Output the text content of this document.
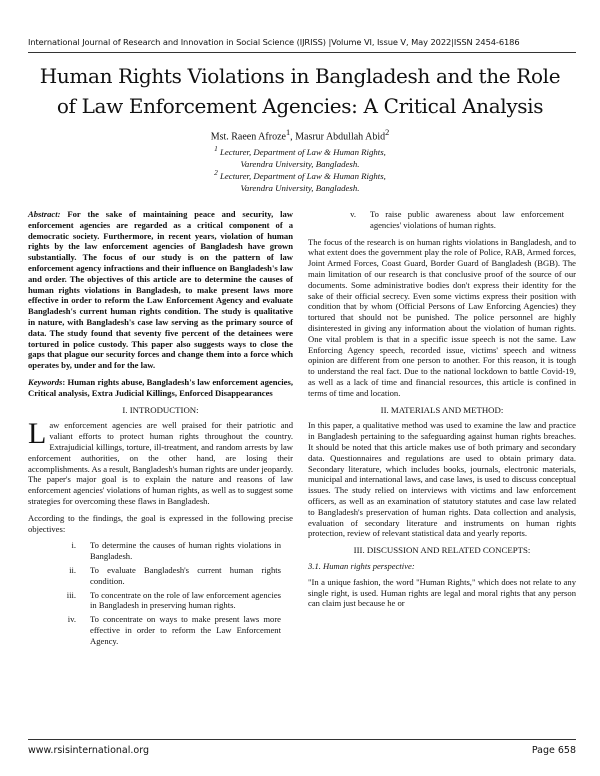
International Journal of Research and Innovation in Social Science (IJRISS) |Volume VI, Issue V, May 2022|ISSN 2454-6186
Human Rights Violations in Bangladesh and the Role
of Law Enforcement Agencies: A Critical Analysis
Mst. Raeen Afroze$^1$, Masrur Abdullah Abid$^2$
$^1$ Lecturer, Department of Law & Human Rights,
Varendra University, Bangladesh.
$^2$ Lecturer, Department of Law & Human Rights,
Varendra University, Bangladesh.

Abstract: For the sake of maintaining peace and security, law enforcement agencies are regarded as a critical component of a democratic society. Furthermore, in recent years, violation of human rights by the law enforcement agencies of Bangladesh have grown substantially. The focus of our study is on the pattern of law enforcement agency infractions and their influence on Bangladesh's law and order. The objectives of this article are to determine the causes of human rights violations in Bangladesh, to make present laws more effective in order to reform the Law Enforcement Agency and evaluate Bangladesh's current human rights condition. The study is qualitative in nature, with Bangladesh's case law serving as the primary source of data. The study found that seventy five percent of the detainees were tortured in police custody. This paper also suggests ways to close the gaps that plague our security forces and change them into a force which operates by, under and for the law.

Keywords: Human rights abuse, Bangladesh's law enforcement agencies, Critical analysis, Extra Judicial Killings, Enforced Disappearances

I. INTRODUCTION:

Law enforcement agencies are well praised for their patriotic and valiant efforts to protect human rights throughout the country. Extrajudicial killings, torture, ill-treatment, and random arrests by law enforcement authorities, on the other hand, are losing their accomplishments. As a result, Bangladesh's human rights are under jeopardy. The paper's major goal is to explain the nature and reasons of law enforcement agencies' violations of human rights, as well as to suggest some strategies for overcoming these flaws in Bangladesh.

According to the findings, the goal is expressed in the following precise objectives:

i.	To determine the causes of human rights violations in Bangladesh.
ii.	To evaluate Bangladesh's current human rights condition.
iii.	To concentrate on the role of law enforcement agencies in Bangladesh in preserving human rights.
iv.	To concentrate on ways to make present laws more effective in order to reform the Law Enforcement Agency.
v.	To raise public awareness about law enforcement agencies' violations of human rights.

The focus of the research is on human rights violations in Bangladesh, and to what extent does the government play the role of Police, RAB, Armed forces, Joint Armed Forces, Coast Guard, Border Guard of Bangladesh (BGB). The main limitation of our research is that conclusive proof of the source of our documents. Some administrative bodies don't express their identity for the sake of their official secrecy. Even some victims express their position with condition that by whom (Official Persons of Law Enforcing Agencies) they tortured that should not be punished. The police personnel are highly disinterested in giving any information about the violation of human rights. One vital problem is that in a specific issue speech is not the same. Law Enforcing Agency speech, recorded issue, victims' speech and witness opinion are different from one person to another. For this reason, it is tough to understand the real fact. Due to the national lockdown to battle Covid-19, as well as a lack of time and financial resources, this article is confined in terms of time and location.

II. MATERIALS AND METHOD:

In this paper, a qualitative method was used to examine the law and practice in Bangladesh pertaining to the safeguarding against human rights breaches. It should be noted that this article makes use of both primary and secondary data. Questionnaires and regulations are used to obtain primary data. Secondary literature, which includes books, journals, electronic materials, municipal and international laws, and case laws, is used to discuss conceptual issues. The study relied on interviews with victims and law enforcement officers, as well as an examination of statutory statutes and case law related to Bangladesh's preservation of human rights. Data collection and analysis, evaluation of secondary literature and instruments on human rights protection, review of relevant statistical data and yearly reports.

III. DISCUSSION AND RELATED CONCEPTS:
3.1. Human rights perspective:

"In a unique fashion, the word "Human Rights," which does not relate to any single right, is used. Human rights are legal and moral rights that any person can claim just because he or

www.rsisinternational.org	Page 658
